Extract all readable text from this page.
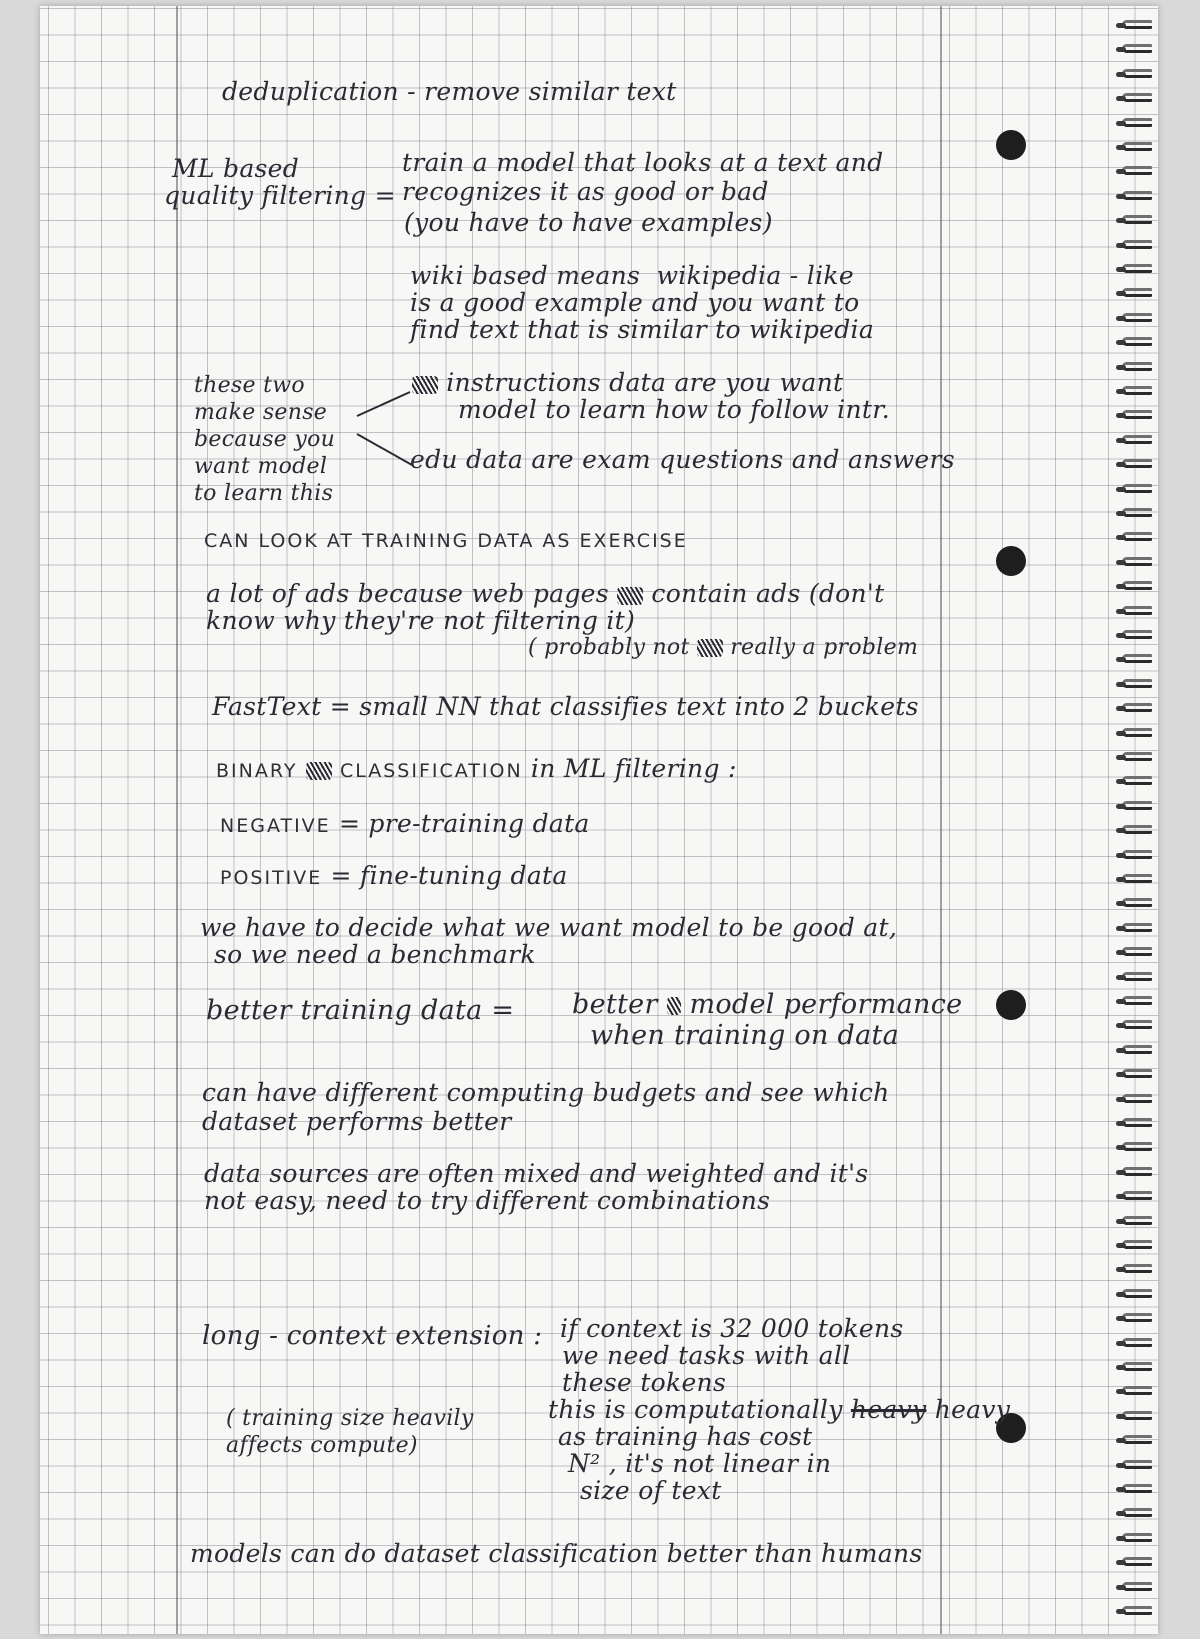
deduplication - remove similar text
ML based
quality filtering =
train a model that looks at a text and
recognizes it as good or bad
(you have to have examples)
wiki based means  wikipedia - like
is a good example and you want to
find text that is similar to wikipedia
these two
make sense
because you
want model
to learn this
instructions data are you want
model to learn how to follow intr.
edu data are exam questions and answers
CAN LOOK AT TRAINING DATA AS EXERCISE
a lot of ads because web pages contain ads (don't
know why they're not filtering it)
( probably not really a problem
FastText = small NN that classifies text into 2 buckets
BINARY CLASSIFICATION in ML filtering :
NEGATIVE = pre-training data
POSITIVE = fine-tuning data
we have to decide what we want model to be good at,
so we need a benchmark
better training data = better model performance
when training on data
can have different computing budgets and see which
dataset performs better
data sources are often mixed and weighted and it's
not easy, need to try different combinations
long - context extension : if context is 32 000 tokens
we need tasks with all
these tokens
this is computationally heavy heavy
as training has cost
N² , it's not linear in
size of text
( training size heavily
affects compute)
models can do dataset classification better than humans
